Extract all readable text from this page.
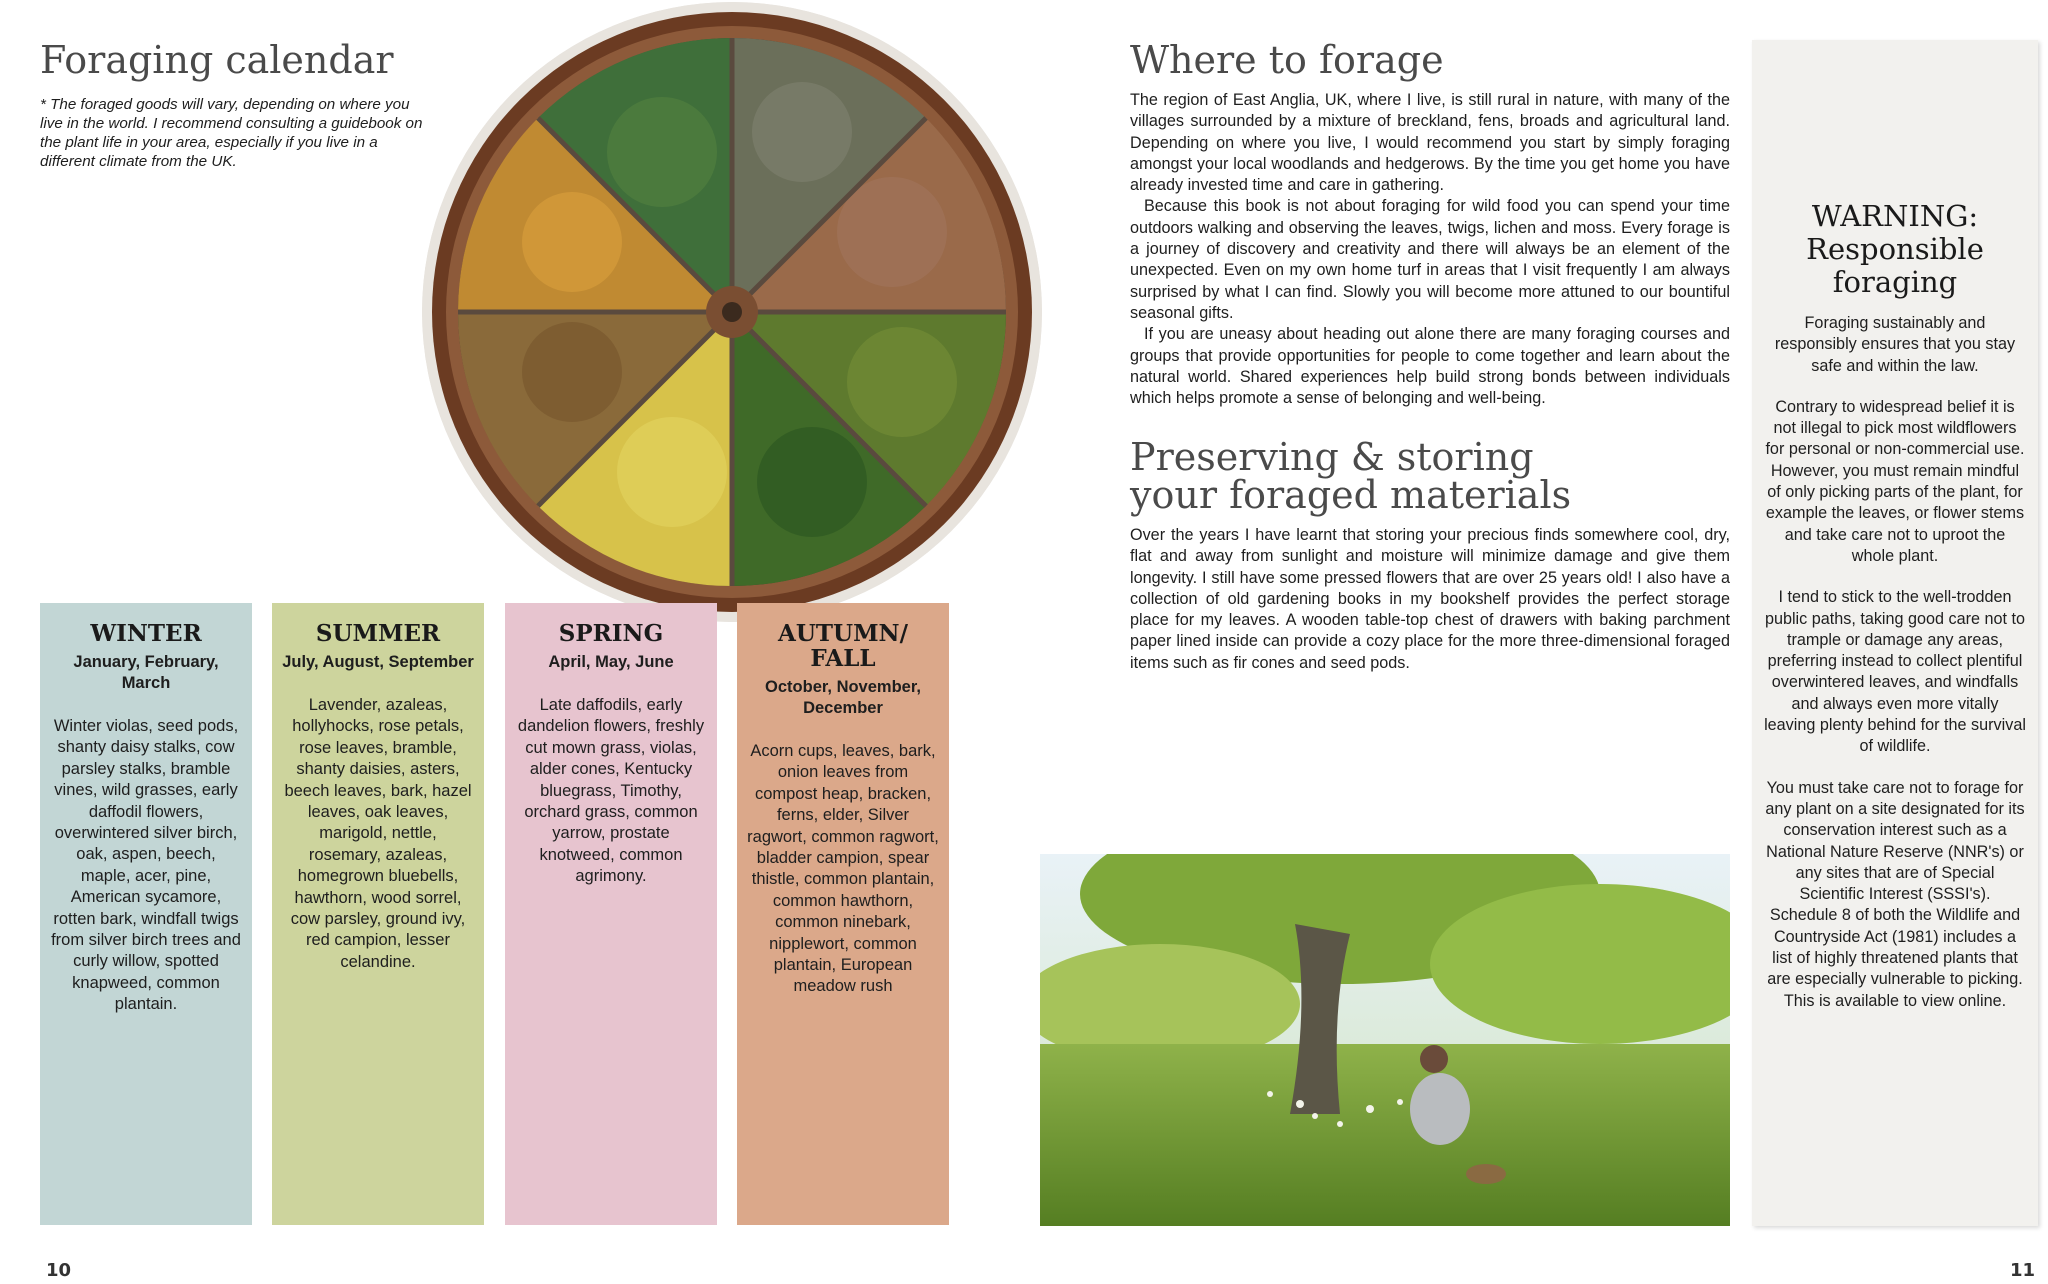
Foraging calendar

* The foraged goods will vary, depending on where you live in the world. I recommend consulting a guidebook on the plant life in your area, especially if you live in a different climate from the UK.

WINTER

January, February, March

Winter violas, seed pods, shanty daisy stalks, cow parsley stalks, bramble vines, wild grasses, early daffodil flowers, overwintered silver birch, oak, aspen, beech, maple, acer, pine, American sycamore, rotten bark, windfall twigs from silver birch trees and curly willow, spotted knapweed, common plantain.

SUMMER

July, August, September

Lavender, azaleas, hollyhocks, rose petals, rose leaves, bramble, shanty daisies, asters, beech leaves, bark, hazel leaves, oak leaves, marigold, nettle, rosemary, azaleas, homegrown bluebells, hawthorn, wood sorrel, cow parsley, ground ivy, red campion, lesser celandine.

SPRING

April, May, June

Late daffodils, early dandelion flowers, freshly cut mown grass, violas, alder cones, Kentucky bluegrass, Timothy, orchard grass, common yarrow, prostate knotweed, common agrimony.

AUTUMN/
FALL

October, November, December

Acorn cups, leaves, bark, onion leaves from compost heap, bracken, ferns, elder, Silver ragwort, common ragwort, bladder campion, spear thistle, common plantain, common hawthorn, common ninebark, nipplewort, common plantain, European meadow rush

10
Where to forage

The region of East Anglia, UK, where I live, is still rural in nature, with many of the villages surrounded by a mixture of breckland, fens, broads and agricultural land. Depending on where you live, I would recommend you start by simply foraging amongst your local woodlands and hedgerows. By the time you get home you have already invested time and care in gathering.

Because this book is not about foraging for wild food you can spend your time outdoors walking and observing the leaves, twigs, lichen and moss. Every forage is a journey of discovery and creativity and there will always be an element of the unexpected. Even on my own home turf in areas that I visit frequently I am always surprised by what I can find. Slowly you will become more attuned to our bountiful seasonal gifts.

If you are uneasy about heading out alone there are many foraging courses and groups that provide opportunities for people to come together and learn about the natural world. Shared experiences help build strong bonds between individuals which helps promote a sense of belonging and well-being.

Preserving & storing
your foraged materials

Over the years I have learnt that storing your precious finds somewhere cool, dry, flat and away from sunlight and moisture will minimize damage and give them longevity. I still have some pressed flowers that are over 25 years old! I also have a collection of old gardening books in my bookshelf provides the perfect storage place for my leaves. A wooden table-top chest of drawers with baking parchment paper lined inside can provide a cozy place for the more three-dimensional foraged items such as fir cones and seed pods.

WARNING:
Responsible
foraging

Foraging sustainably and responsibly ensures that you stay safe and within the law.

Contrary to widespread belief it is not illegal to pick most wildflowers for personal or non-commercial use. However, you must remain mindful of only picking parts of the plant, for example the leaves, or flower stems and take care not to uproot the whole plant.

I tend to stick to the well-trodden public paths, taking good care not to trample or damage any areas, preferring instead to collect plentiful overwintered leaves, and windfalls and always even more vitally leaving plenty behind for the survival of wildlife.

You must take care not to forage for any plant on a site designated for its conservation interest such as a National Nature Reserve (NNR's) or any sites that are of Special Scientific Interest (SSSI's). Schedule 8 of both the Wildlife and Countryside Act (1981) includes a list of highly threatened plants that are especially vulnerable to picking. This is available to view online.

11
